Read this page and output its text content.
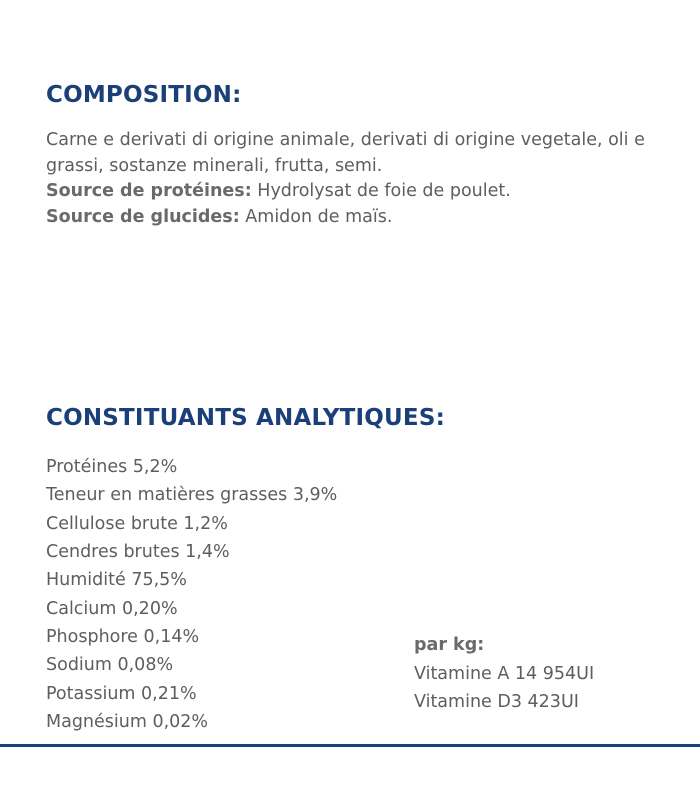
COMPOSITION:

Carne e derivati di origine animale, derivati di origine vegetale, oli e grassi, sostanze minerali, frutta, semi.

Source de protéines: Hydrolysat de foie de poulet.

Source de glucides: Amidon de maïs.

CONSTITUANTS ANALYTIQUES:
Protéines 5,2%
Teneur en matières grasses 3,9%
Cellulose brute 1,2%
Cendres brutes 1,4%
Humidité 75,5%
Calcium 0,20%
Phosphore 0,14%
Sodium 0,08%
Potassium 0,21%
Magnésium 0,02%

par kg:

Vitamine A 14 954UI
Vitamine D3 423UI
